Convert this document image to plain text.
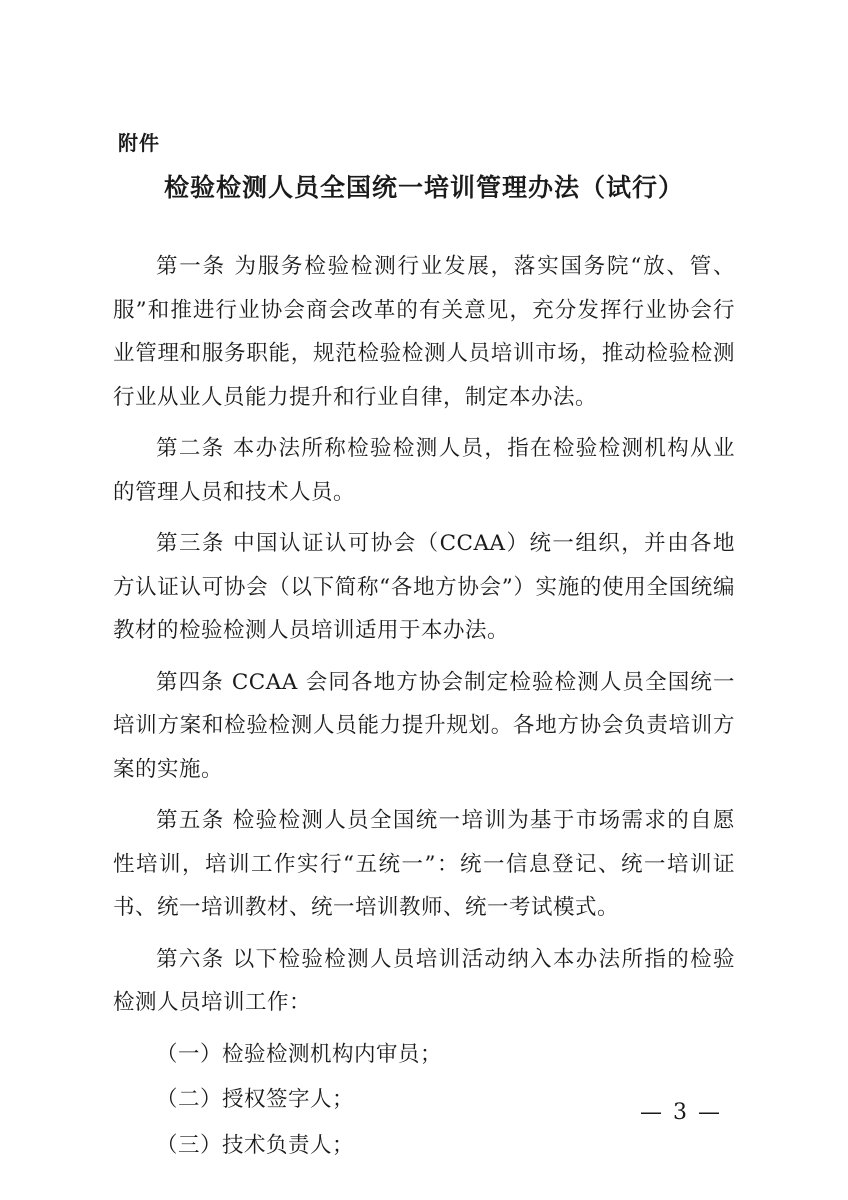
附件
检验检测人员全国统一培训管理办法（试行）

第一条 为服务检验检测行业发展，落实国务院“放、管、服”和推进行业协会商会改革的有关意见，充分发挥行业协会行业管理和服务职能，规范检验检测人员培训市场，推动检验检测行业从业人员能力提升和行业自律，制定本办法。

第二条 本办法所称检验检测人员，指在检验检测机构从业的管理人员和技术人员。

第三条 中国认证认可协会（CCAA）统一组织，并由各地方认证认可协会（以下简称“各地方协会”）实施的使用全国统编教材的检验检测人员培训适用于本办法。

第四条 CCAA 会同各地方协会制定检验检测人员全国统一培训方案和检验检测人员能力提升规划。各地方协会负责培训方案的实施。

第五条 检验检测人员全国统一培训为基于市场需求的自愿性培训，培训工作实行“五统一”：统一信息登记、统一培训证书、统一培训教材、统一培训教师、统一考试模式。

第六条 以下检验检测人员培训活动纳入本办法所指的检验检测人员培训工作：

（一）检验检测机构内审员；

（二）授权签字人；

（三）技术负责人；

— 3 —
